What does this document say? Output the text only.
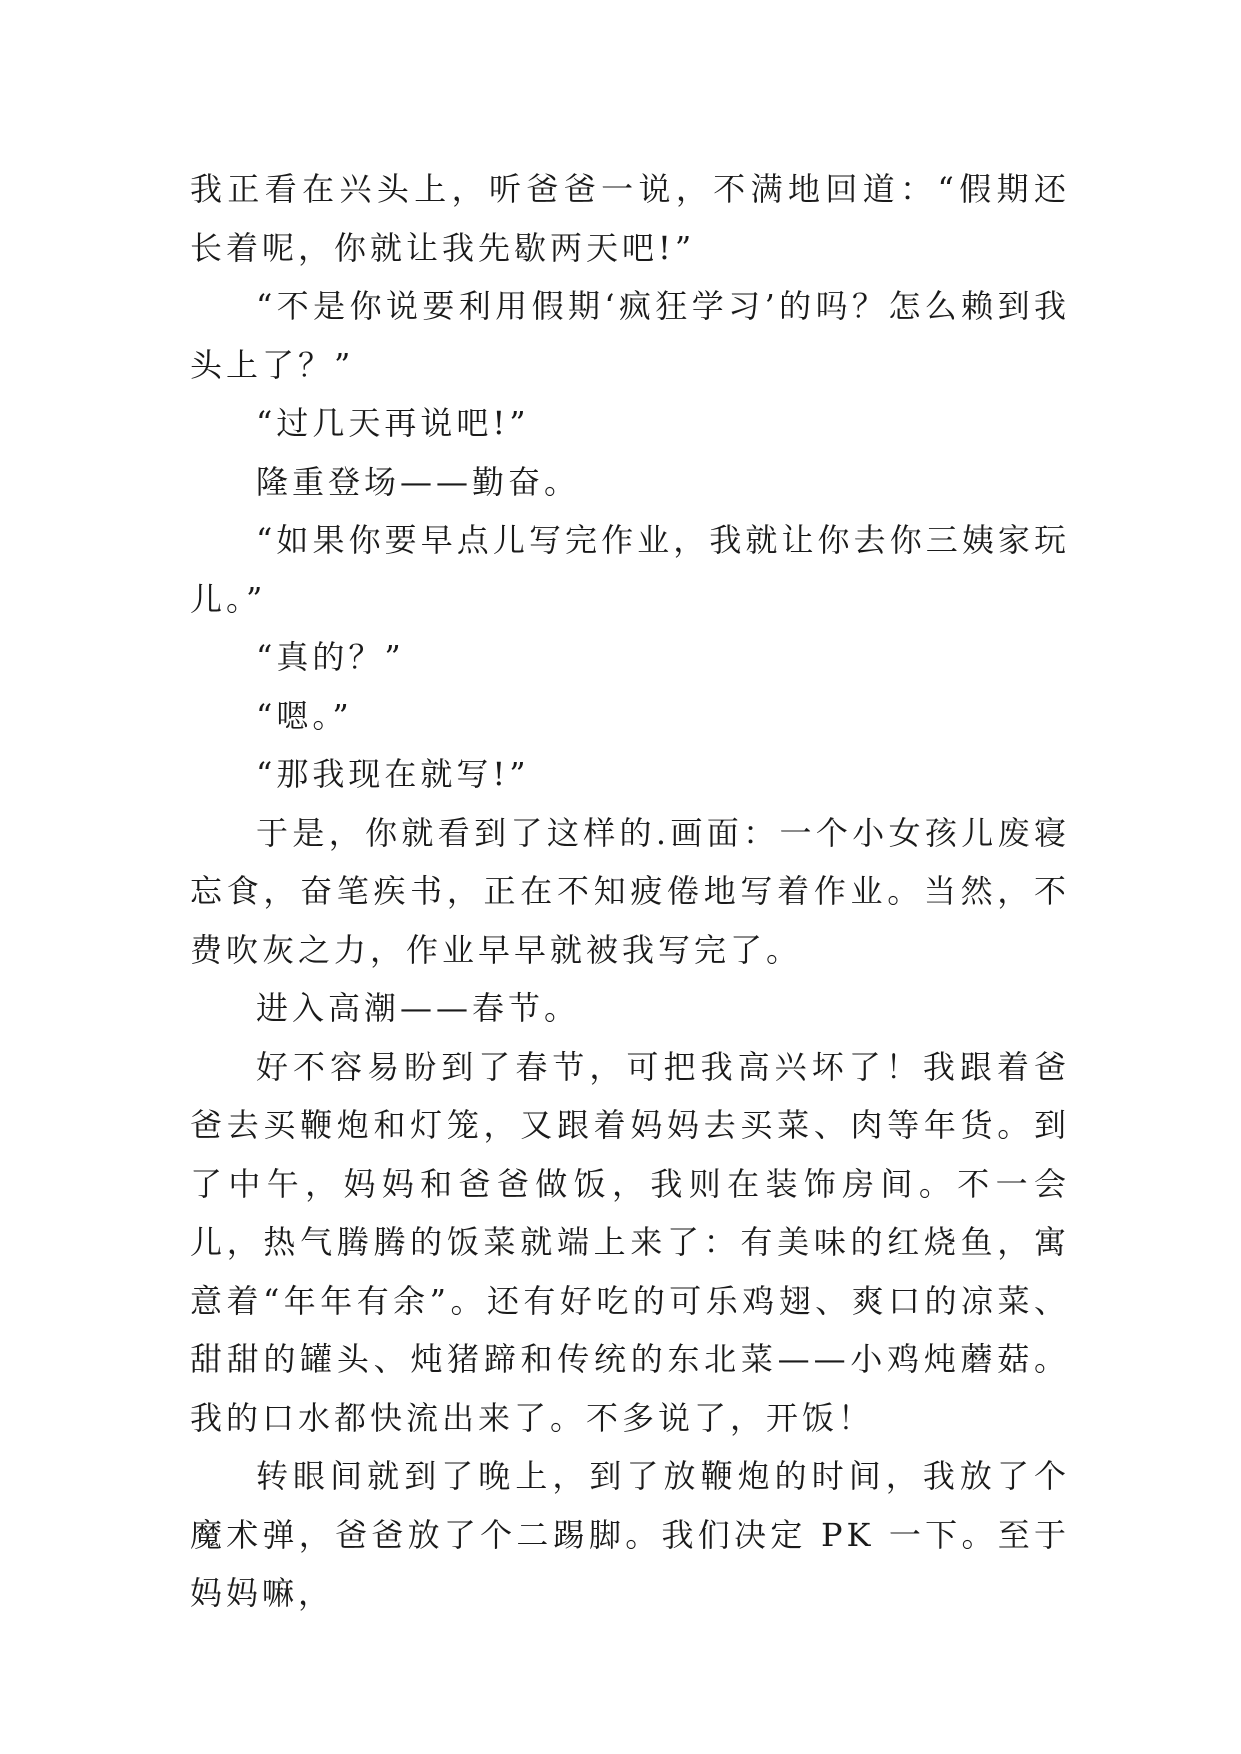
我正看在兴头上，听爸爸一说，不满地回道：“假期还长着呢，你就让我先歇两天吧!”

“不是你说要利用假期‘疯狂学习’的吗？怎么赖到我头上了？”

“过几天再说吧!”

隆重登场——勤奋。

“如果你要早点儿写完作业，我就让你去你三姨家玩儿。”

“真的？”

“嗯。”

“那我现在就写!”

于是，你就看到了这样的.画面：一个小女孩儿废寝忘食，奋笔疾书，正在不知疲倦地写着作业。当然，不费吹灰之力，作业早早就被我写完了。

进入高潮——春节。

好不容易盼到了春节，可把我高兴坏了！我跟着爸爸去买鞭炮和灯笼，又跟着妈妈去买菜、肉等年货。到了中午，妈妈和爸爸做饭，我则在装饰房间。不一会儿，热气腾腾的饭菜就端上来了：有美味的红烧鱼，寓意着“年年有余”。还有好吃的可乐鸡翅、爽口的凉菜、甜甜的罐头、炖猪蹄和传统的东北菜——小鸡炖蘑菇。我的口水都快流出来了。不多说了，开饭！

转眼间就到了晚上，到了放鞭炮的时间，我放了个魔术弹，爸爸放了个二踢脚。我们决定 PK 一下。至于妈妈嘛，
